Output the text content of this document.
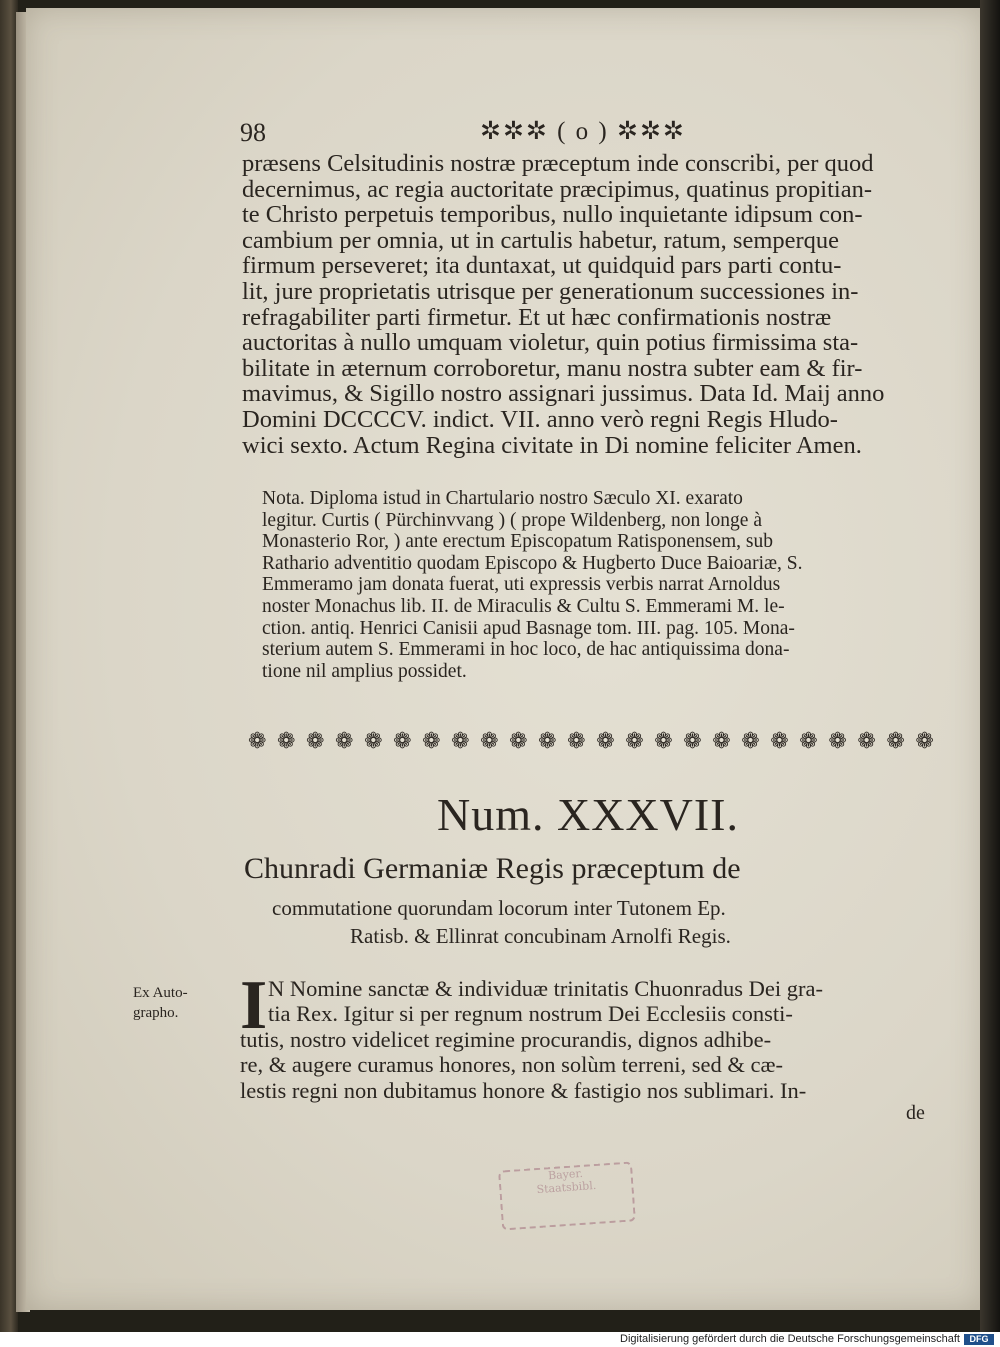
98	✲✲✲ ( o ) ✲✲✲
præsens Celsitudinis nostræ præceptum inde conscribi, per quod
decernimus, ac regia auctoritate præcipimus, quatinus propitian-
te Christo perpetuis temporibus, nullo inquietante idipsum con-
cambium per omnia, ut in cartulis habetur, ratum, semperque
firmum perseveret; ita duntaxat, ut quidquid pars parti contu-
lit, jure proprietatis utrisque per generationum successiones in-
refragabiliter parti firmetur. Et ut hæc confirmationis nostræ
auctoritas à nullo umquam violetur, quin potius firmissima sta-
bilitate in æternum corroboretur, manu nostra subter eam & fir-
mavimus, & Sigillo nostro assignari jussimus. Data Id. Maij anno
Domini DCCCCV. indict. VII. anno verò regni Regis Hludo-
wici sexto. Actum Regina civitate in Di nomine feliciter Amen.
Nota. Diploma istud in Chartulario nostro Sæculo XI. exarato
legitur. Curtis ( Pürchinvvang ) ( prope Wildenberg, non longe à
Monasterio Ror, ) ante erectum Episcopatum Ratisponensem, sub
Rathario adventitio quodam Episcopo & Hugberto Duce Baioariæ, S.
Emmeramo jam donata fuerat, uti expressis verbis narrat Arnoldus
noster Monachus lib. II. de Miraculis & Cultu S. Emmerami M. le-
ction. antiq. Henrici Canisii apud Basnage tom. III. pag. 105. Mona-
sterium autem S. Emmerami in hoc loco, de hac antiquissima dona-
tione nil amplius possidet.
❁ ❁ ❁ ❁ ❁ ❁ ❁ ❁ ❁ ❁ ❁ ❁ ❁ ❁ ❁ ❁ ❁ ❁ ❁ ❁ ❁ ❁ ❁ ❁
Num. XXXVII.
Chunradi Germaniæ Regis præceptum de
commutatione quorundam locorum inter Tutonem Ep.
Ratisb. & Ellinrat concubinam Arnolfi Regis.
Ex Auto-
grapho. I N Nomine sanctæ & individuæ trinitatis Chuonradus Dei gra-
tia Rex. Igitur si per regnum nostrum Dei Ecclesiis consti-
tutis, nostro videlicet regimine procurandis, dignos adhibe-
re, & augere curamus honores, non solùm terreni, sed & cæ-
lestis regni non dubitamus honore & fastigio nos sublimari. In-
de
Bayer.
Staatsbibl.
Digitalisierung gefördert durch die Deutsche Forschungsgemeinschaft	DFG
